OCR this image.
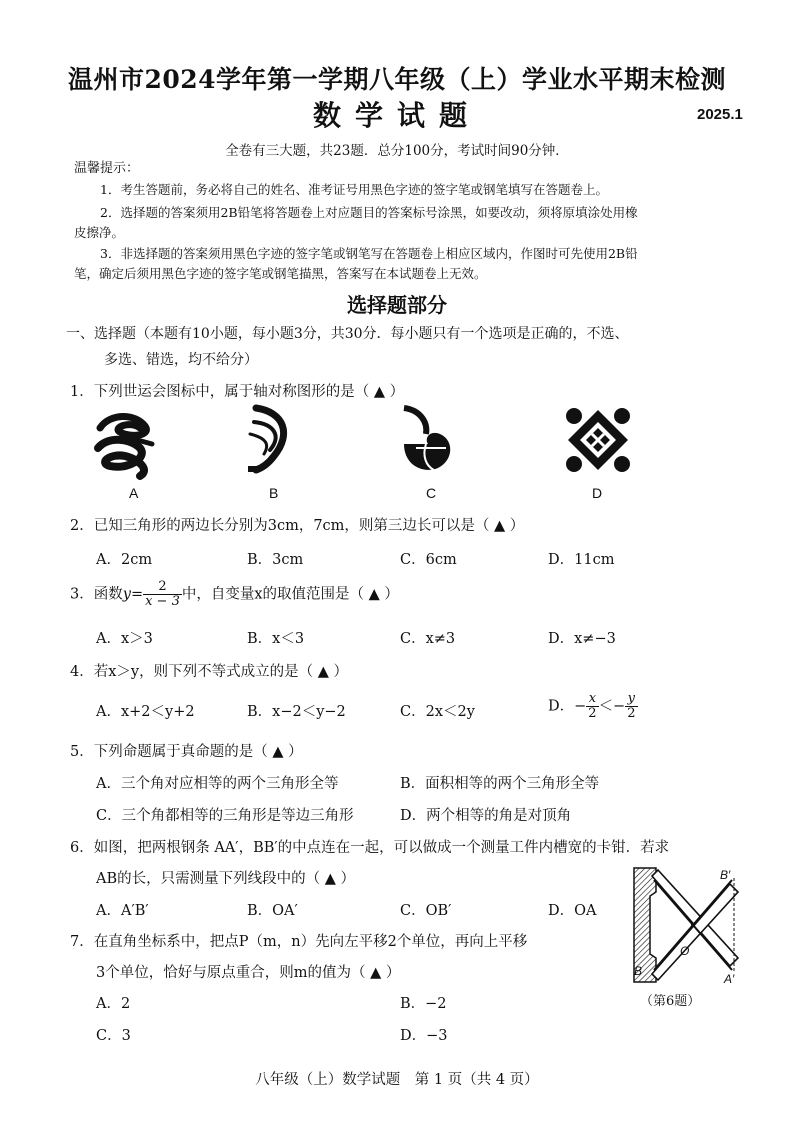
温州市2024学年第一学期八年级（上）学业水平期末检测
数学试题	2025.1
全卷有三大题，共23题．总分100分，考试时间90分钟．
温馨提示：
1．考生答题前，务必将自己的姓名、准考证号用黑色字迹的签字笔或钢笔填写在答题卷上。
2．选择题的答案须用2B铅笔将答题卷上对应题目的答案标号涂黑，如要改动，须将原填涂处用橡
皮擦净。
3．非选择题的答案须用黑色字迹的签字笔或钢笔写在答题卷上相应区域内，作图时可先使用2B铅
笔，确定后须用黑色字迹的签字笔或钢笔描黑，答案写在本试题卷上无效。
选择题部分
一、选择题（本题有10小题，每小题3分，共30分．每小题只有一个选项是正确的，不选、
多选、错选，均不给分）
1．下列世运会图标中，属于轴对称图形的是（ ▲ ）
A	B	C	D
2．已知三角形的两边长分别为3cm，7cm，则第三边长可以是（ ▲ ）
A．2cm	B．3cm	C．6cm	D．11cm
3．函数$y= \frac{2}{x - 3}$ 中，自变量x的取值范围是（ ▲ ）
A．x＞3	B．x＜3	C．x≠3	D．x≠−3
4．若x＞y，则下列不等式成立的是（ ▲ ）
A．x+2＜y+2	B．x−2＜y−2	C．2x＜2y	D．− $\frac{x}{2} <- \frac{y}{2}$
5．下列命题属于真命题的是（ ▲ ）
A．三个角对应相等的两个三角形全等	B．面积相等的两个三角形全等
C．三个角都相等的三角形是等边三角形	D．两个相等的角是对顶角
6．如图，把两根钢条 AA′，BB′的中点连在一起，可以做成一个测量工件内槽宽的卡钳．若求
AB的长，只需测量下列线段中的（ ▲ ）
A．A′B′	B．OA′	C．OB′	D．OA
B′
O
B
A′
（第6题）
7．在直角坐标系中，把点P（m，n）先向左平移2个单位，再向上平移
3个单位，恰好与原点重合，则m的值为（ ▲ ）
A．2	B．−2
C．3	D．−3
八年级（上）数学试题　第 1 页（共 4 页）
